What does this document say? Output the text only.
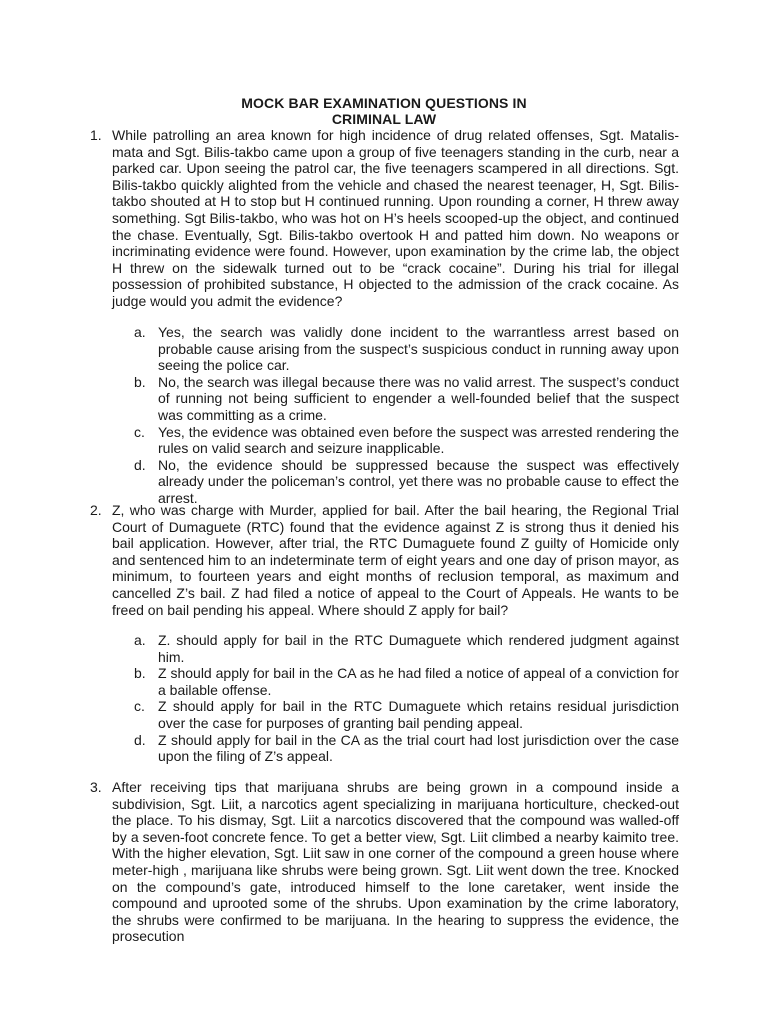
MOCK BAR EXAMINATION QUESTIONS IN
CRIMINAL LAW
1. While patrolling an area known for high incidence of drug related offenses, Sgt. Matalis-mata and Sgt. Bilis-takbo came upon a group of five teenagers standing in the curb, near a parked car. Upon seeing the patrol car, the five teenagers scampered in all directions. Sgt. Bilis-takbo quickly alighted from the vehicle and chased the nearest teenager, H, Sgt. Bilis-takbo shouted at H to stop but H continued running. Upon rounding a corner, H threw away something. Sgt Bilis-takbo, who was hot on H’s heels scooped-up the object, and continued the chase. Eventually, Sgt. Bilis-takbo overtook H and patted him down. No weapons or incriminating evidence were found. However, upon examination by the crime lab, the object H threw on the sidewalk turned out to be “crack cocaine”. During his trial for illegal possession of prohibited substance, H objected to the admission of the crack cocaine. As judge would you admit the evidence?
a. Yes, the search was validly done incident to the warrantless arrest based on probable cause arising from the suspect’s suspicious conduct in running away upon seeing the police car.
b. No, the search was illegal because there was no valid arrest. The suspect’s conduct of running not being sufficient to engender a well-founded belief that the suspect was committing as a crime.
c. Yes, the evidence was obtained even before the suspect was arrested rendering the rules on valid search and seizure inapplicable.
d. No, the evidence should be suppressed because the suspect was effectively already under the policeman’s control, yet there was no probable cause to effect the arrest.
2. Z, who was charge with Murder, applied for bail. After the bail hearing, the Regional Trial Court of Dumaguete (RTC) found that the evidence against Z is strong thus it denied his bail application. However, after trial, the RTC Dumaguete found Z guilty of Homicide only and sentenced him to an indeterminate term of eight years and one day of prison mayor, as minimum, to fourteen years and eight months of reclusion temporal, as maximum and cancelled Z’s bail. Z had filed a notice of appeal to the Court of Appeals. He wants to be freed on bail pending his appeal. Where should Z apply for bail?
a. Z. should apply for bail in the RTC Dumaguete which rendered judgment against him.
b. Z should apply for bail in the CA as he had filed a notice of appeal of a conviction for a bailable offense.
c. Z should apply for bail in the RTC Dumaguete which retains residual jurisdiction over the case for purposes of granting bail pending appeal.
d. Z should apply for bail in the CA as the trial court had lost jurisdiction over the case upon the filing of Z’s appeal.
3. After receiving tips that marijuana shrubs are being grown in a compound inside a subdivision, Sgt. Liit, a narcotics agent specializing in marijuana horticulture, checked-out the place. To his dismay, Sgt. Liit a narcotics discovered that the compound was walled-off by a seven-foot concrete fence. To get a better view, Sgt. Liit climbed a nearby kaimito tree. With the higher elevation, Sgt. Liit saw in one corner of the compound a green house where meter-high , marijuana like shrubs were being grown. Sgt. Liit went down the tree. Knocked on the compound’s gate, introduced himself to the lone caretaker, went inside the compound and uprooted some of the shrubs. Upon examination by the crime laboratory, the shrubs were confirmed to be marijuana. In the hearing to suppress the evidence, the prosecution
